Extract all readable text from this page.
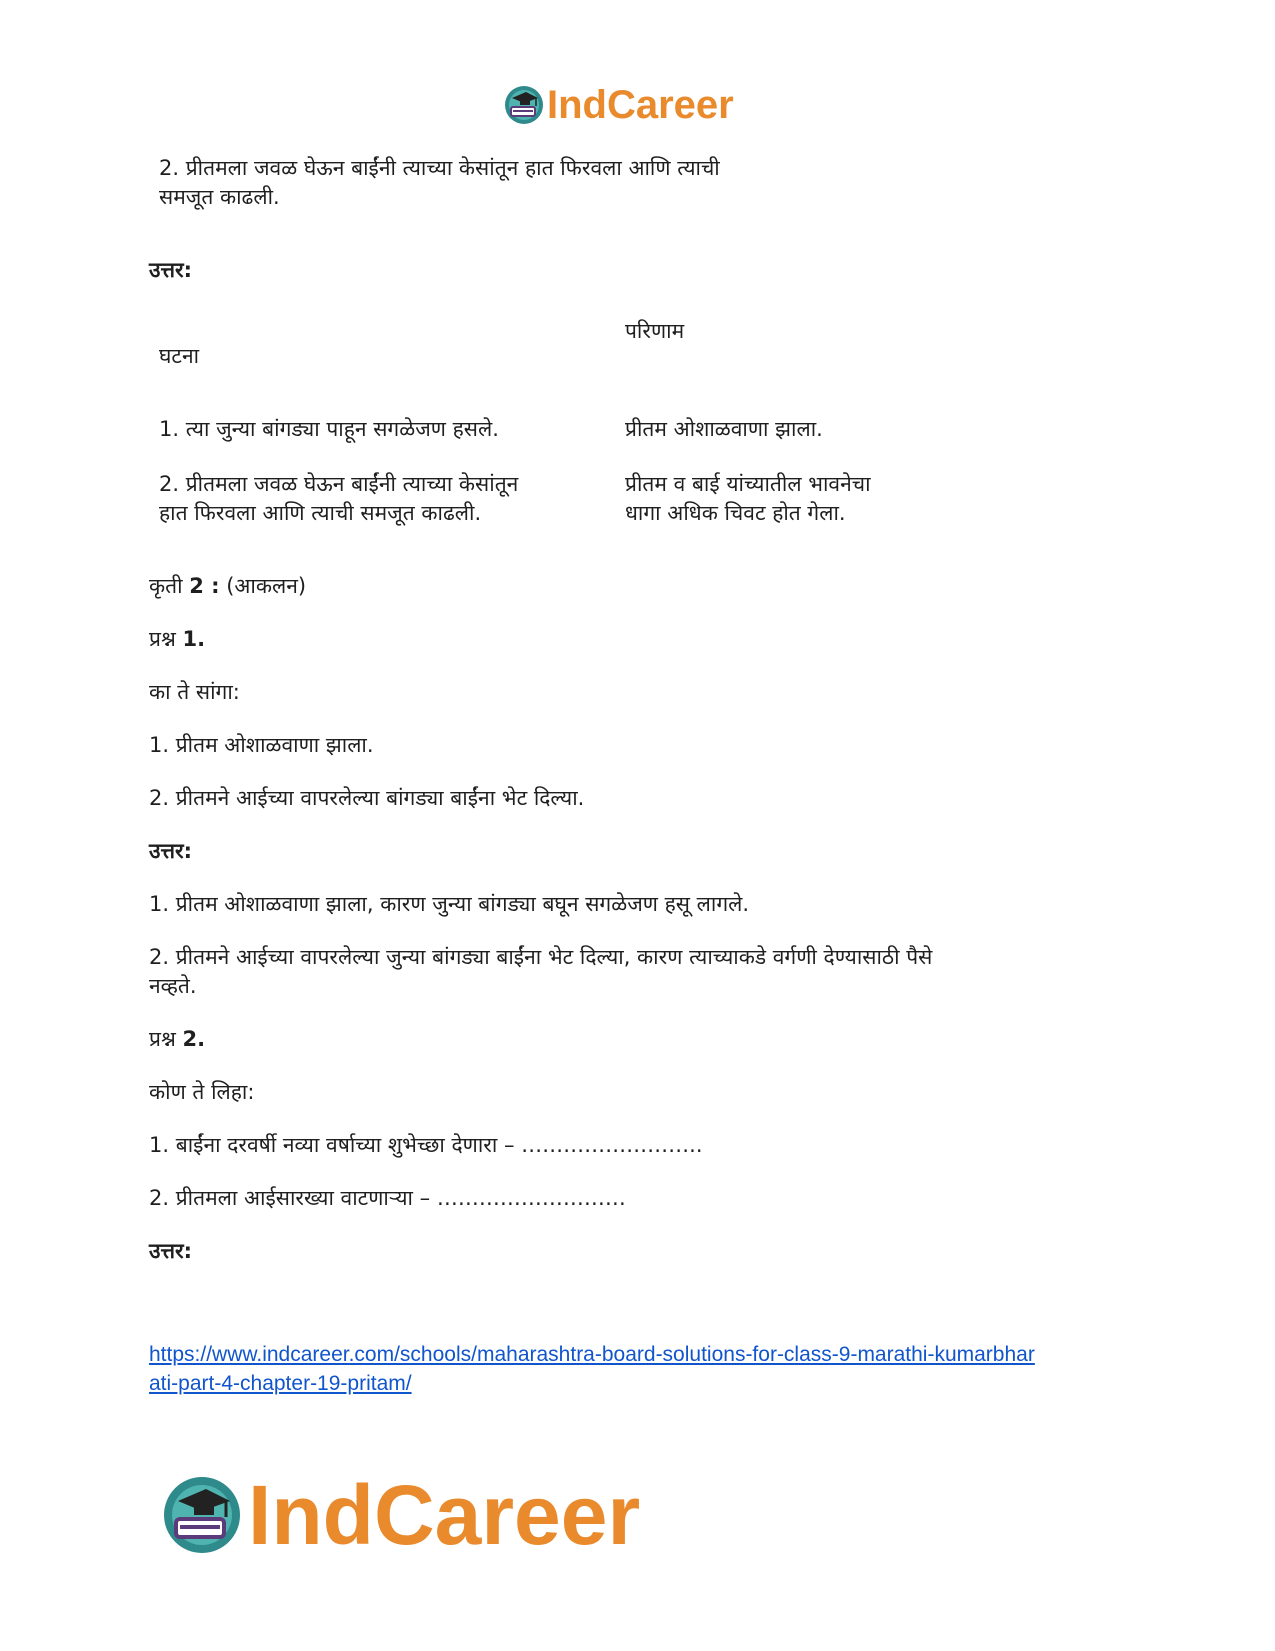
IndCareer

2. प्रीतमला जवळ घेऊन बाईंनी त्याच्या केसांतून हात फिरवला आणि त्याची

समजूत काढली.

उत्तर:

परिणाम

घटना

1. त्या जुन्या बांगड्या पाहून सगळेजण हसले.	प्रीतम ओशाळवाणा झाला.

2. प्रीतमला जवळ घेऊन बाईंनी त्याच्या केसांतून

हात फिरवला आणि त्याची समजूत काढली.

प्रीतम व बाई यांच्यातील भावनेचा

धागा अधिक चिवट होत गेला.

कृती 2 : (आकलन)

प्रश्न 1.

का ते सांगा:

1. प्रीतम ओशाळवाणा झाला.

2. प्रीतमने आईच्या वापरलेल्या बांगड्या बाईंना भेट दिल्या.

उत्तर:

1. प्रीतम ओशाळवाणा झाला, कारण जुन्या बांगड्या बघून सगळेजण हसू लागले.

2. प्रीतमने आईच्या वापरलेल्या जुन्या बांगड्या बाईंना भेट दिल्या, कारण त्याच्याकडे वर्गणी देण्यासाठी पैसे

नव्हते.

प्रश्न 2.

कोण ते लिहा:

1. बाईंना दरवर्षी नव्या वर्षाच्या शुभेच्छा देणारा – ……………………..

2. प्रीतमला आईसारख्या वाटणाऱ्या – ………………………

उत्तर:

https://www.indcareer.com/schools/maharashtra-board-solutions-for-class-9-marathi-kumarbhar
ati-part-4-chapter-19-pritam/
IndCareer
